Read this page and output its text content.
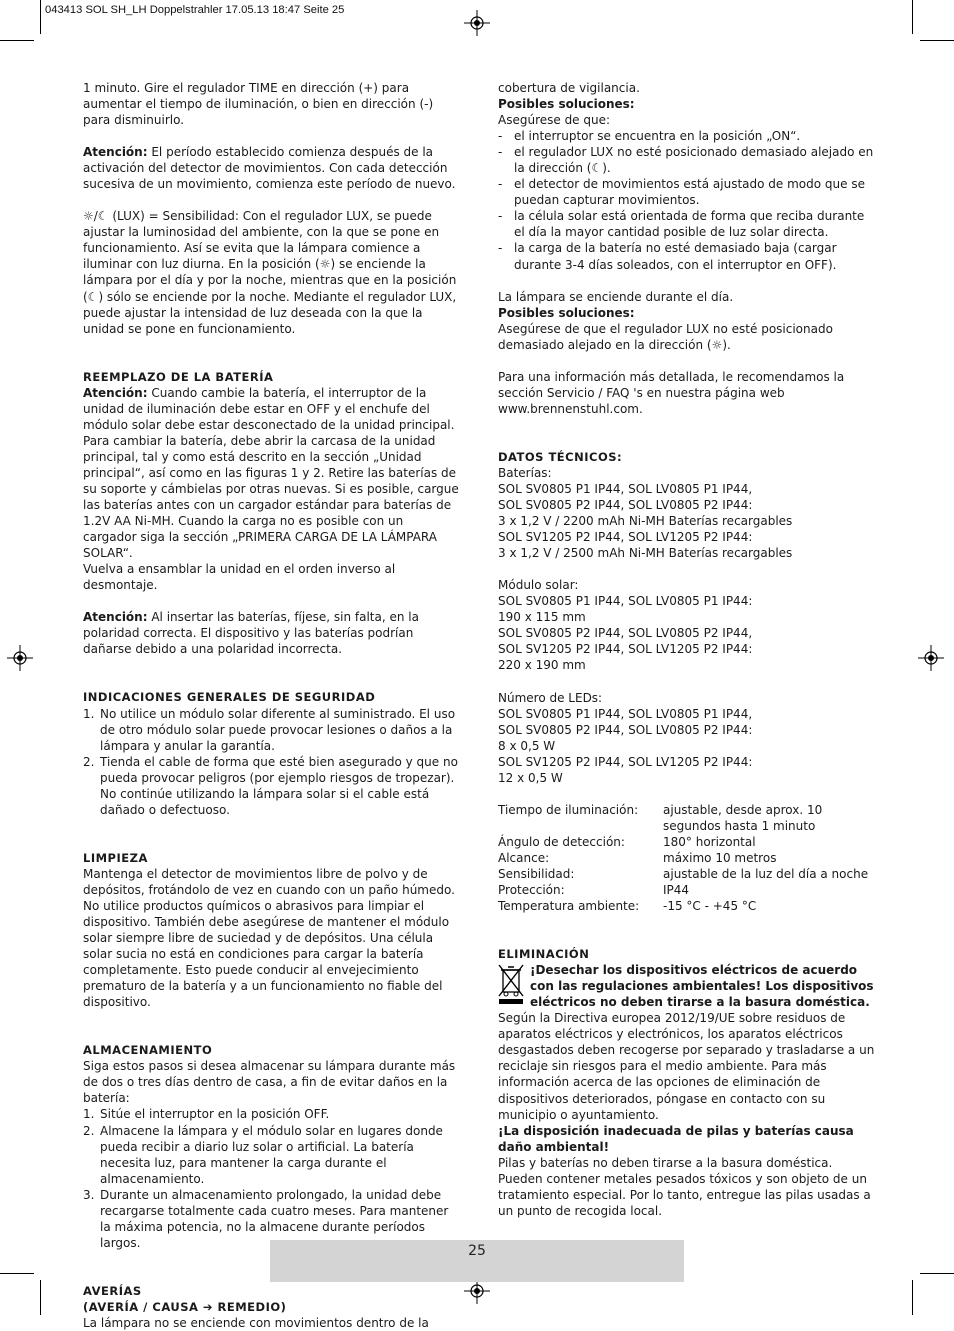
043413 SOL SH_LH Doppelstrahler 17.05.13 18:47 Seite 25

1 minuto. Gire el regulador TIME en dirección (+) para aumentar el tiempo de iluminación, o bien en dirección (-) para disminuirlo.

Atención: El período establecido comienza después de la activación del detector de movimientos. Con cada detección sucesiva de un movimiento, comienza este período de nuevo.

☼/☾ (LUX) = Sensibilidad: Con el regulador LUX, se puede ajustar la luminosidad del ambiente, con la que se pone en funcionamiento. Así se evita que la lámpara comience a iluminar con luz diurna. En la posición (☼) se enciende la lámpara por el día y por la noche, mientras que en la posición (☾) sólo se enciende por la noche. Mediante el regulador LUX, puede ajustar la intensidad de luz deseada con la que la unidad se pone en funcionamiento.

REEMPLAZO DE LA BATERÍA

Atención: Cuando cambie la batería, el interruptor de la unidad de iluminación debe estar en OFF y el enchufe del módulo solar debe estar desconectado de la unidad principal. Para cambiar la batería, debe abrir la carcasa de la unidad principal, tal y como está descrito en la sección „Unidad principal“, así como en las figuras 1 y 2. Retire las baterías de su soporte y cámbielas por otras nuevas. Si es posible, cargue las baterías antes con un cargador estándar para baterías de 1.2V AA Ni-MH. Cuando la carga no es posible con un cargador siga la sección „PRIMERA CARGA DE LA LÁMPARA SOLAR“.

Vuelva a ensamblar la unidad en el orden inverso al desmontaje.

Atención: Al insertar las baterías, fíjese, sin falta, en la polaridad correcta. El dispositivo y las baterías podrían dañarse debido a una polaridad incorrecta.

INDICACIONES GENERALES DE SEGURIDAD

1. No utilice un módulo solar diferente al suministrado. El uso de otro módulo solar puede provocar lesiones o daños a la lámpara y anular la garantía.
2. Tienda el cable de forma que esté bien asegurado y que no pueda provocar peligros (por ejemplo riesgos de tropezar). No continúe utilizando la lámpara solar si el cable está dañado o defectuoso.

LIMPIEZA

Mantenga el detector de movimientos libre de polvo y de depósitos, frotándolo de vez en cuando con un paño húmedo. No utilice productos químicos o abrasivos para limpiar el dispositivo. También debe asegúrese de mantener el módulo solar siempre libre de suciedad y de depósitos. Una célula solar sucia no está en condiciones para cargar la batería completamente. Esto puede conducir al envejecimiento prematuro de la batería y a un funcionamiento no fiable del dispositivo.

ALMACENAMIENTO

Siga estos pasos si desea almacenar su lámpara durante más de dos o tres días dentro de casa, a fin de evitar daños en la batería:

1. Sitúe el interruptor en la posición OFF.
2. Almacene la lámpara y el módulo solar en lugares donde pueda recibir a diario luz solar o artificial. La batería necesita luz, para mantener la carga durante el almacenamiento.
3. Durante un almacenamiento prolongado, la unidad debe recargarse totalmente cada cuatro meses. Para mantener la máxima potencia, no la almacene durante períodos largos.

AVERÍAS

(AVERÍA / CAUSA ➔ REMEDIO)

La lámpara no se enciende con movimientos dentro de la

cobertura de vigilancia.

Posibles soluciones:

Asegúrese de que:

- el interruptor se encuentra en la posición „ON“.
- el regulador LUX no esté posicionado demasiado alejado en la dirección (☾).
- el detector de movimientos está ajustado de modo que se puedan capturar movimientos.
- la célula solar está orientada de forma que reciba durante el día la mayor cantidad posible de luz solar directa.
- la carga de la batería no esté demasiado baja (cargar durante 3-4 días soleados, con el interruptor en OFF).

La lámpara se enciende durante el día.

Posibles soluciones:

Asegúrese de que el regulador LUX no esté posicionado demasiado alejado en la dirección (☼).

Para una información más detallada, le recomendamos la sección Servicio / FAQ 's en nuestra página web www.brennenstuhl.com.

DATOS TÉCNICOS:

Baterías:

SOL SV0805 P1 IP44, SOL LV0805 P1 IP44,

SOL SV0805 P2 IP44, SOL LV0805 P2 IP44:

3 x 1,2 V / 2200 mAh Ni-MH Baterías recargables

SOL SV1205 P2 IP44, SOL LV1205 P2 IP44:

3 x 1,2 V / 2500 mAh Ni-MH Baterías recargables

Módulo solar:

SOL SV0805 P1 IP44, SOL LV0805 P1 IP44:

190 x 115 mm

SOL SV0805 P2 IP44, SOL LV0805 P2 IP44,

SOL SV1205 P2 IP44, SOL LV1205 P2 IP44:

220 x 190 mm

Número de LEDs:

SOL SV0805 P1 IP44, SOL LV0805 P1 IP44,

SOL SV0805 P2 IP44, SOL LV0805 P2 IP44:

8 x 0,5 W

SOL SV1205 P2 IP44, SOL LV1205 P2 IP44:

12 x 0,5 W

Tiempo de iluminación:	ajustable, desde aprox. 10 segundos hasta 1 minuto
Ángulo de detección:	180° horizontal
Alcance:	máximo 10 metros
Sensibilidad:	ajustable de la luz del día a noche
Protección:	IP44
Temperatura ambiente:	-15 °C - +45 °C

ELIMINACIÓN

¡Desechar los dispositivos eléctricos de acuerdo con las regulaciones ambientales! Los dispositivos eléctricos no deben tirarse a la basura doméstica.

Según la Directiva europea 2012/19/UE sobre residuos de aparatos eléctricos y electrónicos, los aparatos eléctricos desgastados deben recogerse por separado y trasladarse a un reciclaje sin riesgos para el medio ambiente. Para más información acerca de las opciones de eliminación de dispositivos deteriorados, póngase en contacto con su municipio o ayuntamiento.

¡La disposición inadecuada de pilas y baterías causa daño ambiental!

Pilas y baterías no deben tirarse a la basura doméstica. Pueden contener metales pesados tóxicos y son objeto de un tratamiento especial. Por lo tanto, entregue las pilas usadas a un punto de recogida local.

25
